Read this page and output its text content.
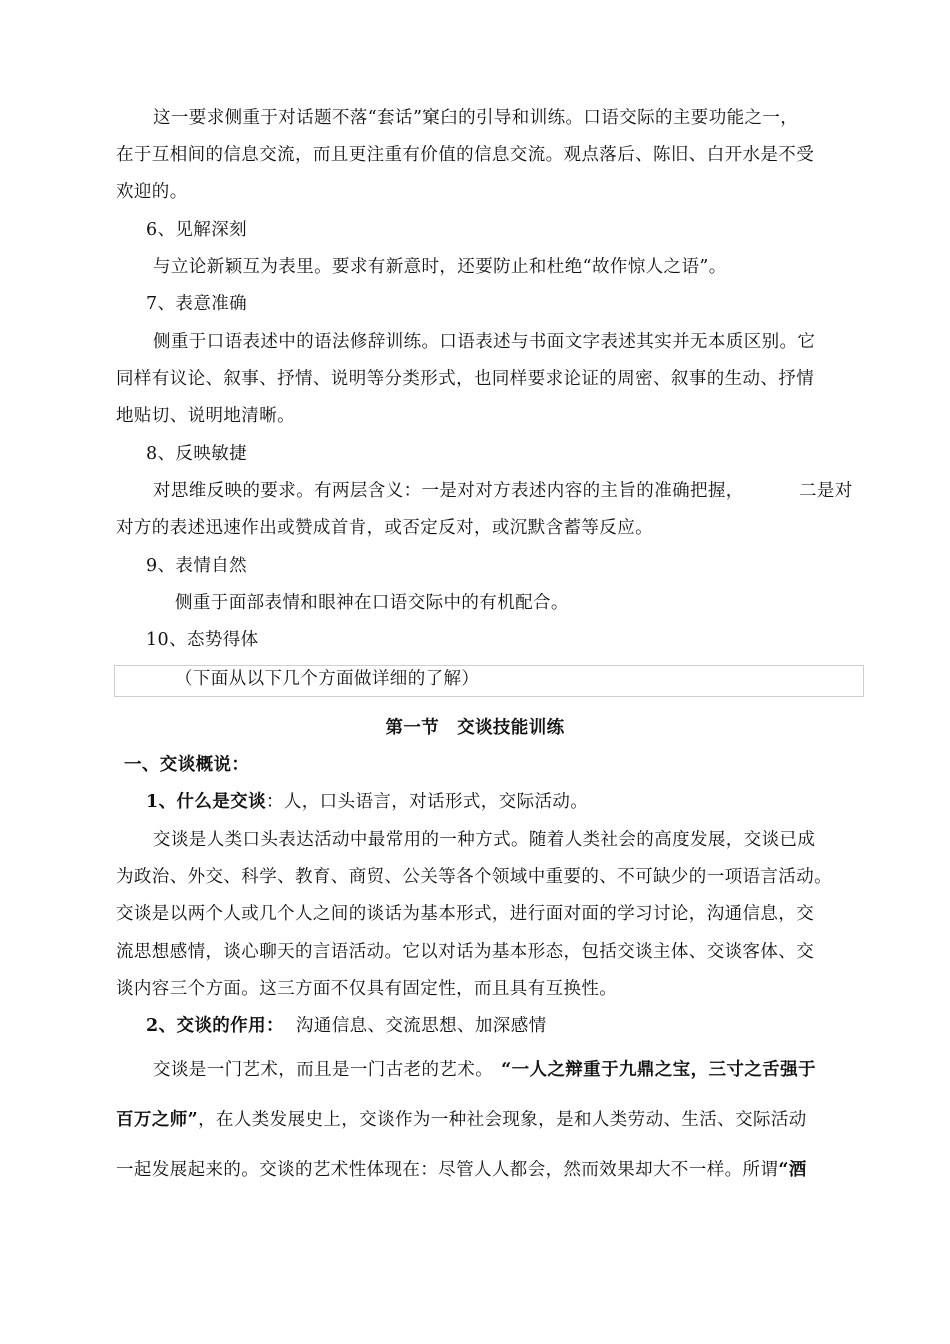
这一要求侧重于对话题不落“套话”窠臼的引导和训练。口语交际的主要功能之一，
在于互相间的信息交流，而且更注重有价值的信息交流。观点落后、陈旧、白开水是不受
欢迎的。
6、见解深刻
与立论新颖互为表里。要求有新意时，还要防止和杜绝“故作惊人之语”。
7、表意准确
侧重于口语表述中的语法修辞训练。口语表述与书面文字表述其实并无本质区别。它
同样有议论、叙事、抒情、说明等分类形式，也同样要求论证的周密、叙事的生动、抒情
地贴切、说明地清晰。
8、反映敏捷
对思维反映的要求。有两层含义：一是对对方表述内容的主旨的准确把握，	二是对
对方的表述迅速作出或赞成首肯，或否定反对，或沉默含蓄等反应。
9、表情自然
侧重于面部表情和眼神在口语交际中的有机配合。
10、态势得体
（下面从以下几个方面做详细的了解）
第一节　交谈技能训练
一、交谈概说：
1、什么是交谈：人，口头语言，对话形式，交际活动。
交谈是人类口头表达活动中最常用的一种方式。随着人类社会的高度发展，交谈已成
为政治、外交、科学、教育、商贸、公关等各个领域中重要的、不可缺少的一项语言活动。
交谈是以两个人或几个人之间的谈话为基本形式，进行面对面的学习讨论，沟通信息，交
流思想感情，谈心聊天的言语活动。它以对话为基本形态，包括交谈主体、交谈客体、交
谈内容三个方面。这三方面不仅具有固定性，而且具有互换性。
2、交谈的作用： 沟通信息、交流思想、加深感情
交谈是一门艺术，而且是一门古老的艺术。 “一人之辩重于九鼎之宝，三寸之舌强于
百万之师”，在人类发展史上，交谈作为一种社会现象，是和人类劳动、生活、交际活动
一起发展起来的。交谈的艺术性体现在：尽管人人都会，然而效果却大不一样。所谓“酒
